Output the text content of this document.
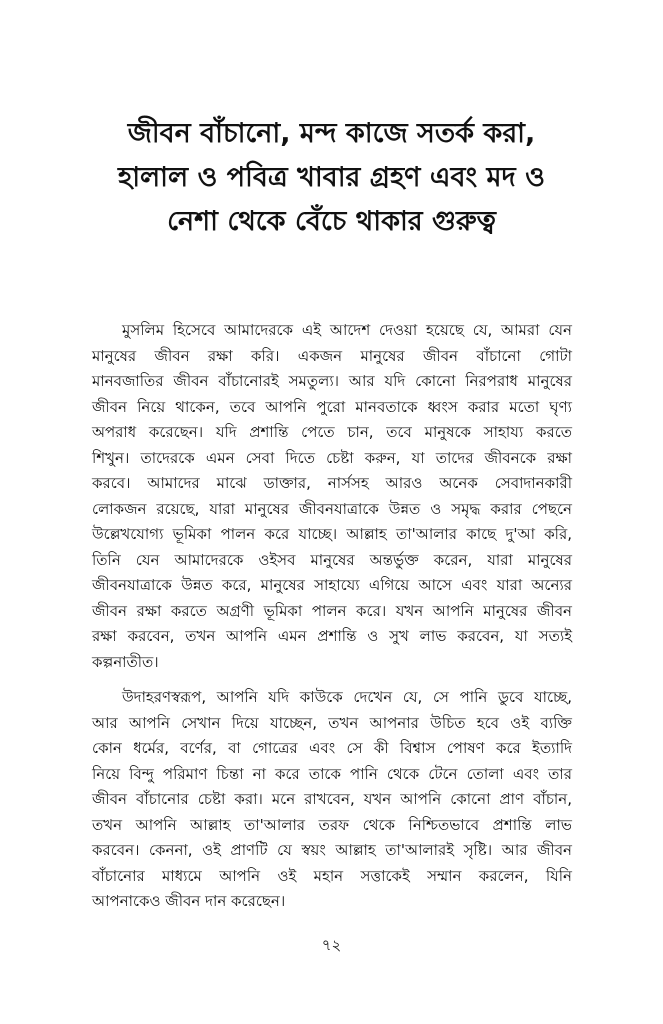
জীবন বাঁচানো, মন্দ কাজে সতর্ক করা,
হালাল ও পবিত্র খাবার গ্রহণ এবং মদ ও
নেশা থেকে বেঁচে থাকার গুরুত্ব

মুসলিম হিসেবে আমাদেরকে এই আদেশ দেওয়া হয়েছে যে, আমরা যেন
মানুষের জীবন রক্ষা করি। একজন মানুষের জীবন বাঁচানো গোটা
মানবজাতির জীবন বাঁচানোরই সমতুল্য। আর যদি কোনো নিরপরাধ মানুষের
জীবন নিয়ে থাকেন, তবে আপনি পুরো মানবতাকে ধ্বংস করার মতো ঘৃণ্য
অপরাধ করেছেন। যদি প্রশান্তি পেতে চান, তবে মানুষকে সাহায্য করতে
শিখুন। তাদেরকে এমন সেবা দিতে চেষ্টা করুন, যা তাদের জীবনকে রক্ষা
করবে। আমাদের মাঝে ডাক্তার, নার্সসহ আরও অনেক সেবাদানকারী
লোকজন রয়েছে, যারা মানুষের জীবনযাত্রাকে উন্নত ও সমৃদ্ধ করার পেছনে
উল্লেখযোগ্য ভূমিকা পালন করে যাচ্ছে। আল্লাহ তা'আলার কাছে দু'আ করি,
তিনি যেন আমাদেরকে ওইসব মানুষের অন্তর্ভুক্ত করেন, যারা মানুষের
জীবনযাত্রাকে উন্নত করে, মানুষের সাহায্যে এগিয়ে আসে এবং যারা অন্যের
জীবন রক্ষা করতে অগ্রণী ভূমিকা পালন করে। যখন আপনি মানুষের জীবন
রক্ষা করবেন, তখন আপনি এমন প্রশান্তি ও সুখ লাভ করবেন, যা সত্যই
কল্পনাতীত।

উদাহরণস্বরূপ, আপনি যদি কাউকে দেখেন যে, সে পানি ডুবে যাচ্ছে,
আর আপনি সেখান দিয়ে যাচ্ছেন, তখন আপনার উচিত হবে ওই ব্যক্তি
কোন ধর্মের, বর্ণের, বা গোত্রের এবং সে কী বিশ্বাস পোষণ করে ইত্যাদি
নিয়ে বিন্দু পরিমাণ চিন্তা না করে তাকে পানি থেকে টেনে তোলা এবং তার
জীবন বাঁচানোর চেষ্টা করা। মনে রাখবেন, যখন আপনি কোনো প্রাণ বাঁচান,
তখন আপনি আল্লাহ তা'আলার তরফ থেকে নিশ্চিতভাবে প্রশান্তি লাভ
করবেন। কেননা, ওই প্রাণটি যে স্বয়ং আল্লাহ তা'আলারই সৃষ্টি। আর জীবন
বাঁচানোর মাধ্যমে আপনি ওই মহান সত্তাকেই সম্মান করলেন, যিনি
আপনাকেও জীবন দান করেছেন।

৭২
